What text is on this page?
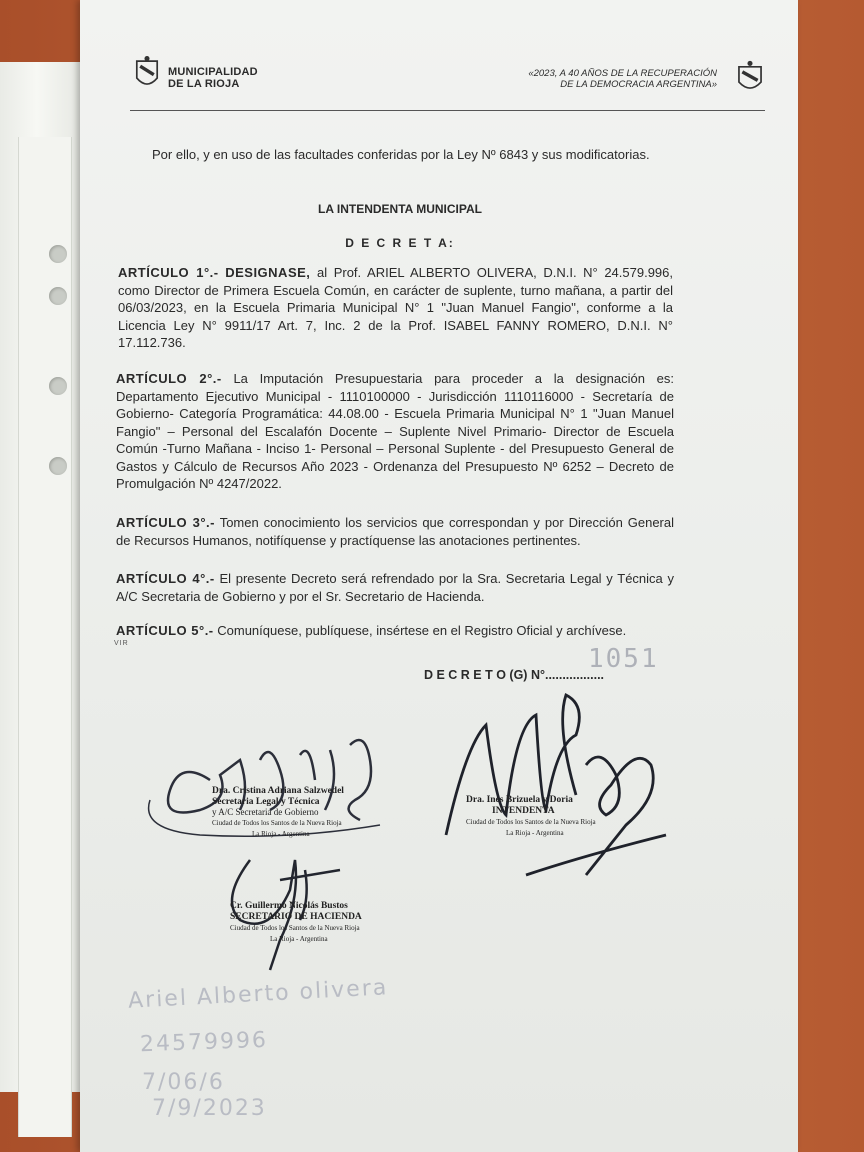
MUNICIPALIDAD
DE LA RIOJA
«2023, A 40 AÑOS DE LA RECUPERACIÓN
DE LA DEMOCRACIA ARGENTINA»
Por ello, y en uso de las facultades conferidas por la Ley Nº 6843 y sus modificatorias.
LA INTENDENTA MUNICIPAL
D E C R E T A:
ARTÍCULO 1°.- DESIGNASE, al Prof. ARIEL ALBERTO OLIVERA, D.N.I. N° 24.579.996, como Director de Primera Escuela Común, en carácter de suplente, turno mañana, a partir del 06/03/2023, en la Escuela Primaria Municipal N° 1 "Juan Manuel Fangio", conforme a la Licencia Ley N° 9911/17 Art. 7, Inc. 2 de la Prof. ISABEL FANNY ROMERO, D.N.I. N° 17.112.736.
ARTÍCULO 2°.- La Imputación Presupuestaria para proceder a la designación es: Departamento Ejecutivo Municipal - 1110100000 - Jurisdicción 1110116000 - Secretaría de Gobierno- Categoría Programática: 44.08.00 - Escuela Primaria Municipal N° 1 "Juan Manuel Fangio" – Personal del Escalafón Docente – Suplente Nivel Primario- Director de Escuela Común -Turno Mañana - Inciso 1- Personal – Personal Suplente - del Presupuesto General de Gastos y Cálculo de Recursos Año 2023 - Ordenanza del Presupuesto Nº 6252 – Decreto de Promulgación Nº 4247/2022.
ARTÍCULO 3°.- Tomen conocimiento los servicios que correspondan y por Dirección General de Recursos Humanos, notifíquense y practíquense las anotaciones pertinentes.
ARTÍCULO 4°.- El presente Decreto será refrendado por la Sra. Secretaria Legal y Técnica y A/C Secretaria de Gobierno y por el Sr. Secretario de Hacienda.
ARTÍCULO 5°.- Comuníquese, publíquese, insértese en el Registro Oficial y archívese.
VIR
D E C R E T O (G) N°.................
1051
Dra. Cristina Adriana Salzwedel
Secretaria Legal y Técnica
y A/C Secretaria de Gobierno
Ciudad de Todos los Santos de la Nueva Rioja
La Rioja - Argentina
Dra. Inés Brizuela y Doria
INTENDENTA
Ciudad de Todos los Santos de la Nueva Rioja
La Rioja - Argentina
Cr. Guillermo Nicolás Bustos
SECRETARIO DE HACIENDA
Ciudad de Todos los Santos de la Nueva Rioja
La Rioja - Argentina
Ariel Alberto olivera
24579996
7/06/6
7/9/2023
